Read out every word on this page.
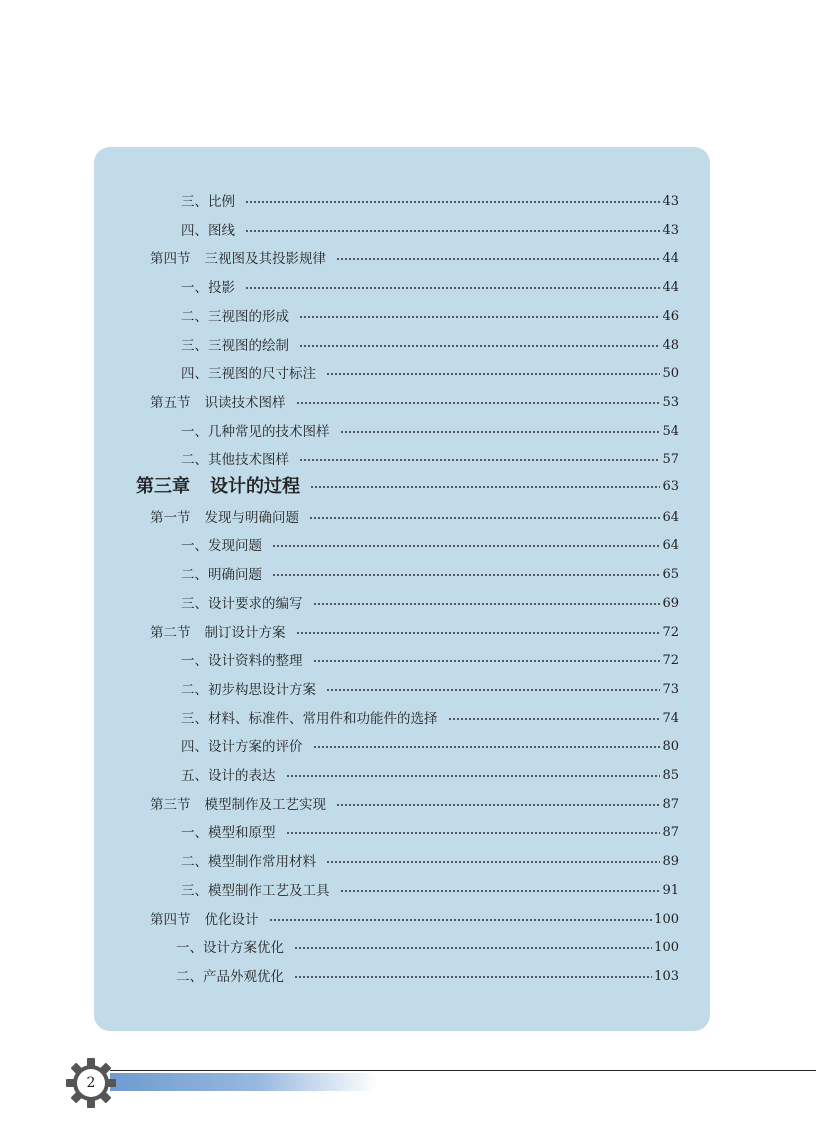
三、比例	43
四、图线	43
第四节 三视图及其投影规律	44
一、投影	44
二、三视图的形成	46
三、三视图的绘制	48
四、三视图的尺寸标注	50
第五节 识读技术图样	53
一、几种常见的技术图样	54
二、其他技术图样	57
第三章 设计的过程	63
第一节 发现与明确问题	64
一、发现问题	64
二、明确问题	65
三、设计要求的编写	69
第二节 制订设计方案	72
一、设计资料的整理	72
二、初步构思设计方案	73
三、材料、标准件、常用件和功能件的选择	74
四、设计方案的评价	80
五、设计的表达	85
第三节 模型制作及工艺实现	87
一、模型和原型	87
二、模型制作常用材料	89
三、模型制作工艺及工具	91
第四节 优化设计	100
一、设计方案优化	100
二、产品外观优化	103
2
